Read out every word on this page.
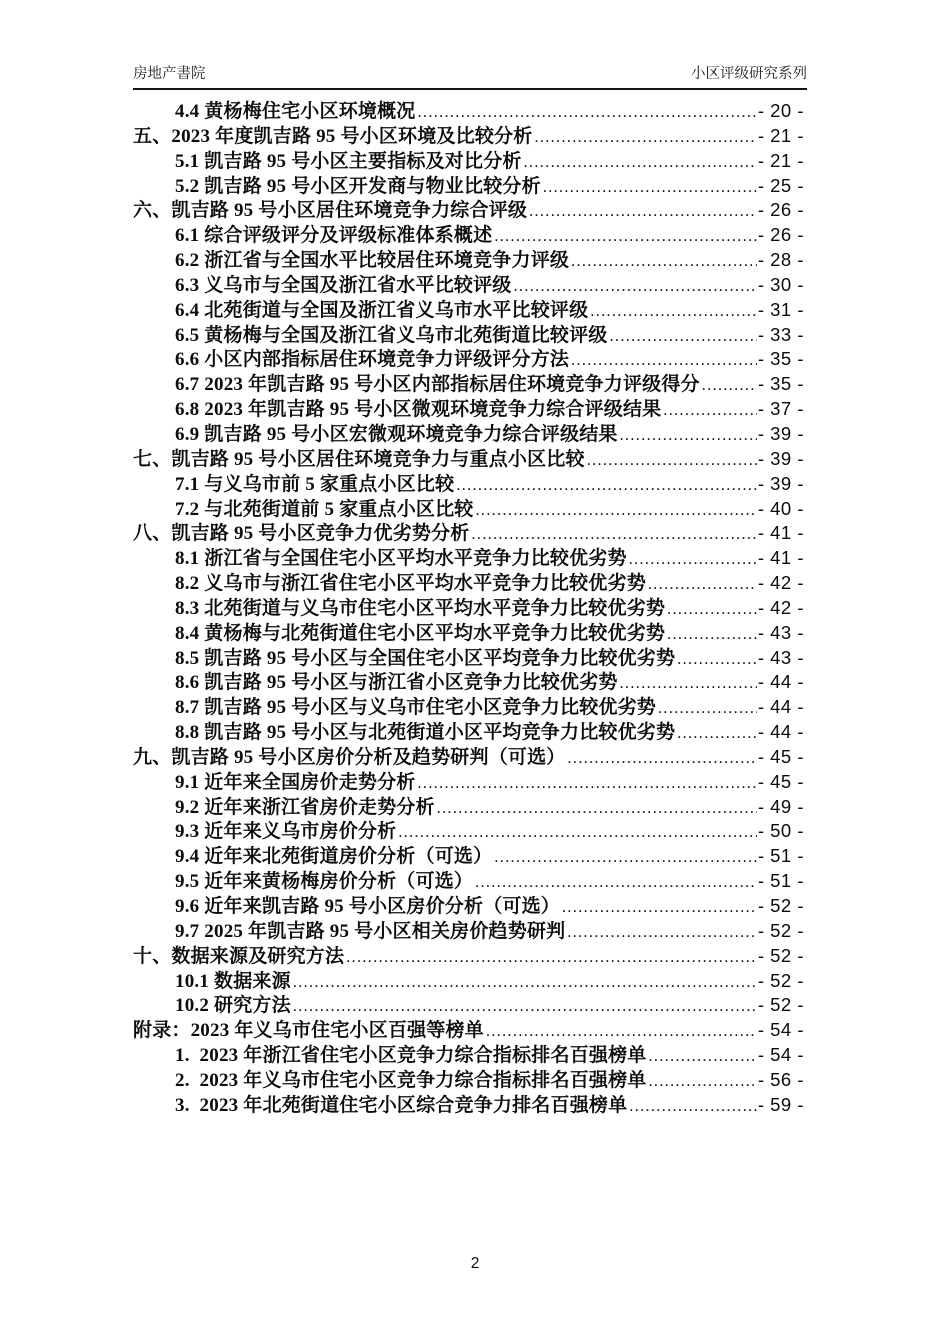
房地产書院	小区评级研究系列
4.4 黄杨梅住宅小区环境概况 .....	- 20 -
五、2023 年度凯吉路 95 号小区环境及比较分析 .....	- 21 -
5.1 凯吉路 95 号小区主要指标及对比分析 .....	- 21 -
5.2 凯吉路 95 号小区开发商与物业比较分析 .....	- 25 -
六、凯吉路 95 号小区居住环境竞争力综合评级 .....	- 26 -
6.1 综合评级评分及评级标准体系概述 .....	- 26 -
6.2 浙江省与全国水平比较居住环境竞争力评级 .....	- 28 -
6.3 义乌市与全国及浙江省水平比较评级 .....	- 30 -
6.4 北苑街道与全国及浙江省义乌市水平比较评级 .....	- 31 -
6.5 黄杨梅与全国及浙江省义乌市北苑街道比较评级 .....	- 33 -
6.6 小区内部指标居住环境竞争力评级评分方法 .....	- 35 -
6.7 2023 年凯吉路 95 号小区内部指标居住环境竞争力评级得分 .....	- 35 -
6.8 2023 年凯吉路 95 号小区微观环境竞争力综合评级结果 .....	- 37 -
6.9 凯吉路 95 号小区宏微观环境竞争力综合评级结果 .....	- 39 -
七、凯吉路 95 号小区居住环境竞争力与重点小区比较 .....	- 39 -
7.1 与义乌市前 5 家重点小区比较 .....	- 39 -
7.2 与北苑街道前 5 家重点小区比较 .....	- 40 -
八、凯吉路 95 号小区竞争力优劣势分析 .....	- 41 -
8.1 浙江省与全国住宅小区平均水平竞争力比较优劣势 .....	- 41 -
8.2 义乌市与浙江省住宅小区平均水平竞争力比较优劣势 .....	- 42 -
8.3 北苑街道与义乌市住宅小区平均水平竞争力比较优劣势 .....	- 42 -
8.4 黄杨梅与北苑街道住宅小区平均水平竞争力比较优劣势 .....	- 43 -
8.5 凯吉路 95 号小区与全国住宅小区平均竞争力比较优劣势 .....	- 43 -
8.6 凯吉路 95 号小区与浙江省小区竞争力比较优劣势 .....	- 44 -
8.7 凯吉路 95 号小区与义乌市住宅小区竞争力比较优劣势 .....	- 44 -
8.8 凯吉路 95 号小区与北苑街道小区平均竞争力比较优劣势 .....	- 44 -
九、凯吉路 95 号小区房价分析及趋势研判（可选） .....	- 45 -
9.1 近年来全国房价走势分析 .....	- 45 -
9.2 近年来浙江省房价走势分析 .....	- 49 -
9.3 近年来义乌市房价分析 .....	- 50 -
9.4 近年来北苑街道房价分析（可选） .....	- 51 -
9.5 近年来黄杨梅房价分析（可选） .....	- 51 -
9.6 近年来凯吉路 95 号小区房价分析（可选） .....	- 52 -
9.7 2025 年凯吉路 95 号小区相关房价趋势研判 .....	- 52 -
十、数据来源及研究方法 .....	- 52 -
10.1 数据来源 .....	- 52 -
10.2 研究方法 .....	- 52 -
附录：2023 年义乌市住宅小区百强等榜单 .....	- 54 -
1.  2023 年浙江省住宅小区竞争力综合指标排名百强榜单 .....	- 54 -
2.  2023 年义乌市住宅小区竞争力综合指标排名百强榜单 .....	- 56 -
3.  2023 年北苑街道住宅小区综合竞争力排名百强榜单 .....	- 59 -
2
